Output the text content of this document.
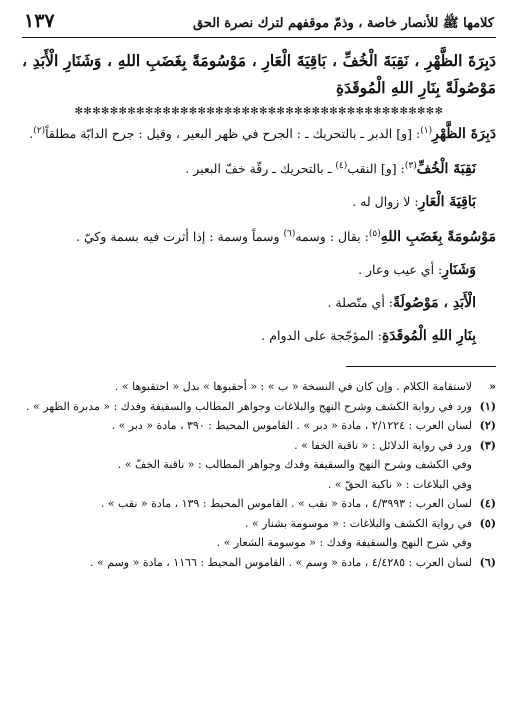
كلامها ﷺ للأنصار خاصة ، وذمّ موقفهم لترك نصرة الحق
١٣٧
دَبِرَةَ الظَّهْرِ ، نَقِبَةَ الْخُفِّ ، بَاقِيَةَ الْعَارِ ، مَوْسُومَةً بِغَضَبِ اللهِ ، وَشَنَارِ الْأَبَدِ ، مَوْصُولَةً بِنَارِ اللهِ الْمُوقَدَةِ
✻✻✻✻✻✻✻✻✻✻✻✻✻✻✻✻✻✻✻✻✻✻✻✻✻✻✻✻✻✻✻✻✻✻✻✻✻✻✻✻✻✻

دَبِرَةَ الظَّهْرِ$^{(١)}$: [و] الدبر ـ بالتحريك ـ : الجرح في ظهر البعير ، وقيل : جرح الدابّة مطلقاً$^{(٢)}$.

نَقِبَةَ الْخُفِّ$^{(٣)}$: [و] النقب$^{(٤)}$ ـ بالتحريك ـ رقّة خفّ البعير .

بَاقِيَةَ الْعَارِ: لا زوال له .

مَوْسُومَةً بِغَضَبِ اللهِ$^{(٥)}$: يقال : وسمه$^{(٦)}$ وسماً وسمة : إذا أثرت فيه بسمة وكيّ .

وَشَنَارِ: أي عيب وعار .

الْأَبَدِ ، مَوْصُولَةً: أي متّصلة .

بِنَارِ اللهِ الْمُوقَدَةِ: المؤجّجة على الدوام .

«
لاستقامة الكلام . وإن كان في النسخة « ب » : « أحقبوها » بدل « احتقبوها » .
(١)
ورد في رواية الكشف وشرح النهج والبلاغات وجواهر المطالب والسقيفة وفدك : « مدبرة الظهر » .
(٢)
لسان العرب : ٢/١٢٢٤ ، مادة « دبر » . القاموس المحيط : ٣٩٠ ، مادة « دبر » .
(٣)
ورد في رواية الدلائل : « ناقبة الخفا » .
وفي الكشف وشرح النهج والسقيفة وفدك وجواهر المطالب : « ناقبة الخفّ » .
وفي البلاغات : « ناكبة الحقّ » .
(٤)
لسان العرب : ٤/٣٩٩٣ ، مادة « نقب » . القاموس المحيط : ١٣٩ ، مادة « نقب » .
(٥)
في رواية الكشف والبلاغات : « موسومة بشنار » .
وفي شرح النهج والسقيفة وفدك : « موسومة الشعار » .
(٦)
لسان العرب : ٤/٤٢٨٥ ، مادة « وسم » . القاموس المحيط : ١١٦٦ ، مادة « وسم » .
